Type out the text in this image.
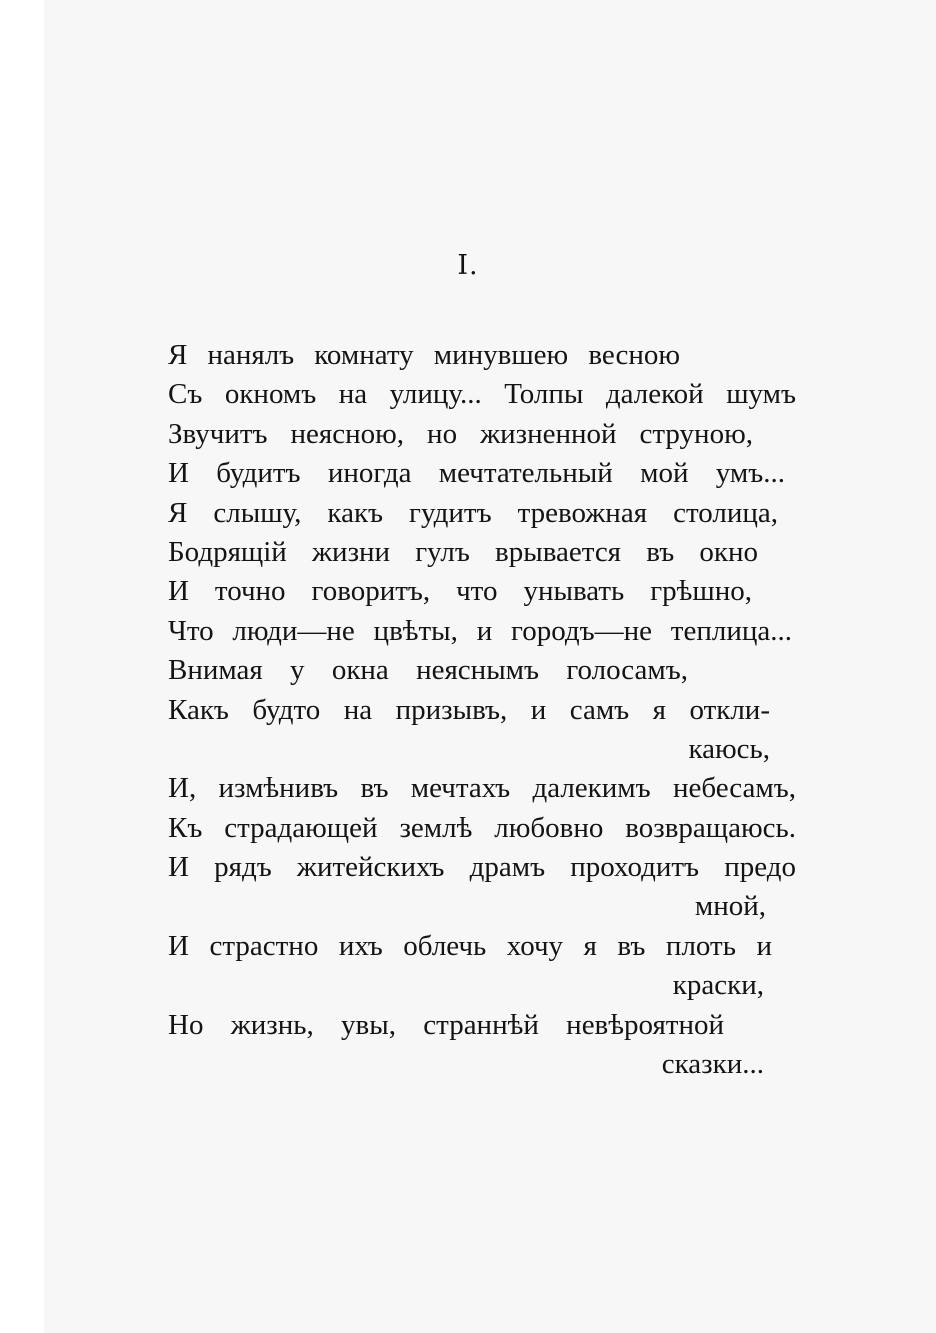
I.
Я нанялъ комнату минувшею весною
Съ окномъ на улицу... Толпы далекой шумъ
Звучитъ неясною, но жизненной струною,
И будитъ иногда мечтательный мой умъ...
Я слышу, какъ гудитъ тревожная столица,
Бодрящій жизни гулъ врывается въ окно
И точно говоритъ, что унывать грѣшно,
Что люди—не цвѣты, и городъ—не теплица...
Внимая у окна неяснымъ голосамъ,
Какъ будто на призывъ, и самъ я откли-
каюсь,
И, измѣнивъ въ мечтахъ далекимъ небесамъ,
Къ страдающей землѣ любовно возвращаюсь.
И рядъ житейскихъ драмъ проходитъ предо
мной,
И страстно ихъ облечь хочу я въ плоть и
краски,
Но жизнь, увы, страннѣй невѣроятной
сказки...
